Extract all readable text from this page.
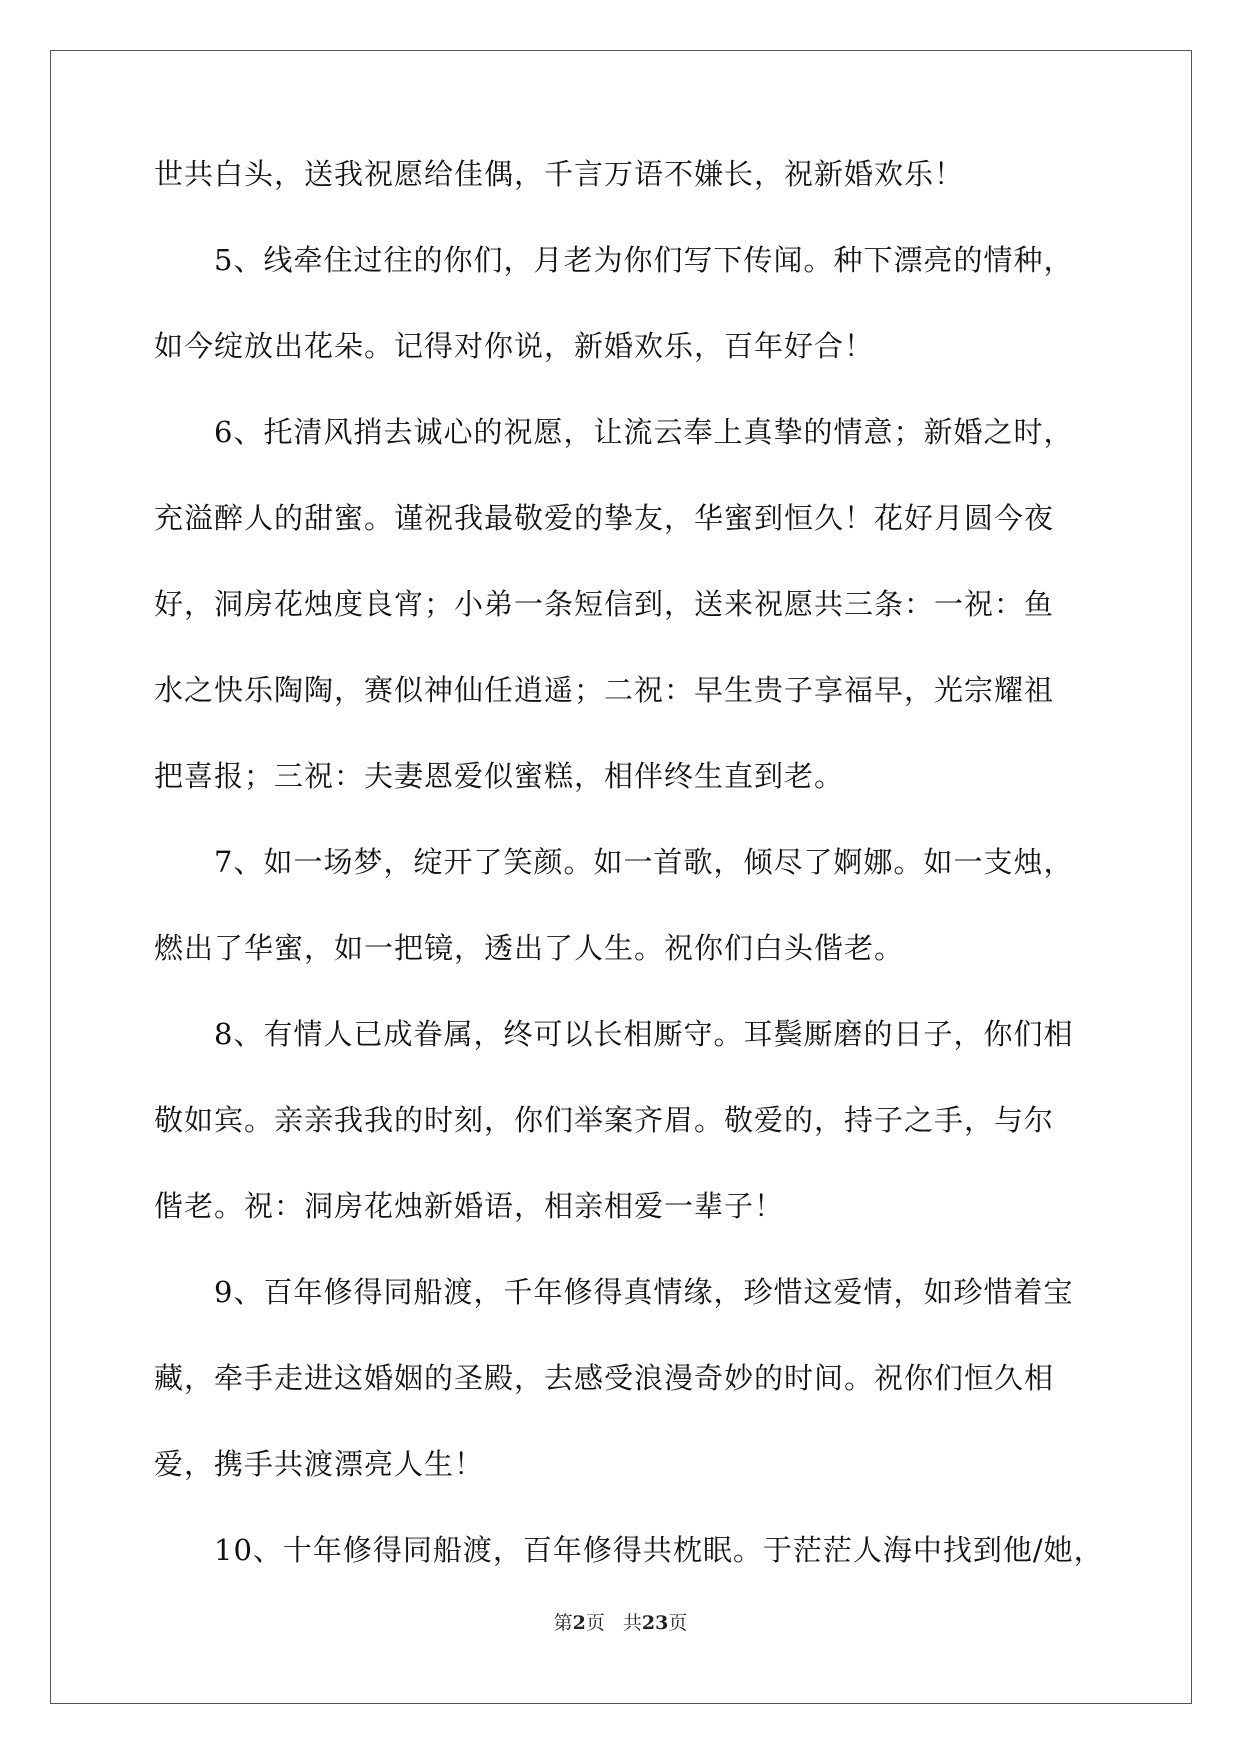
世共白头，送我祝愿给佳偶，千言万语不嫌长，祝新婚欢乐！

　　5、线牵住过往的你们，月老为你们写下传闻。种下漂亮的情种，

如今绽放出花朵。记得对你说，新婚欢乐，百年好合！

　　6、托清风捎去诚心的祝愿，让流云奉上真挚的情意；新婚之时，

充溢醉人的甜蜜。谨祝我最敬爱的挚友，华蜜到恒久！花好月圆今夜

好，洞房花烛度良宵；小弟一条短信到，送来祝愿共三条：一祝：鱼

水之快乐陶陶，赛似神仙任逍遥；二祝：早生贵子享福早，光宗耀祖

把喜报；三祝：夫妻恩爱似蜜糕，相伴终生直到老。

　　7、如一场梦，绽开了笑颜。如一首歌，倾尽了婀娜。如一支烛，

燃出了华蜜，如一把镜，透出了人生。祝你们白头偕老。

　　8、有情人已成眷属，终可以长相厮守。耳鬓厮磨的日子，你们相

敬如宾。亲亲我我的时刻，你们举案齐眉。敬爱的，持子之手，与尔

偕老。祝：洞房花烛新婚语，相亲相爱一辈子！

　　9、百年修得同船渡，千年修得真情缘，珍惜这爱情，如珍惜着宝

藏，牵手走进这婚姻的圣殿，去感受浪漫奇妙的时间。祝你们恒久相

爱，携手共渡漂亮人生！

　　10、十年修得同船渡，百年修得共枕眠。于茫茫人海中找到他/她，

第2页 共23页
